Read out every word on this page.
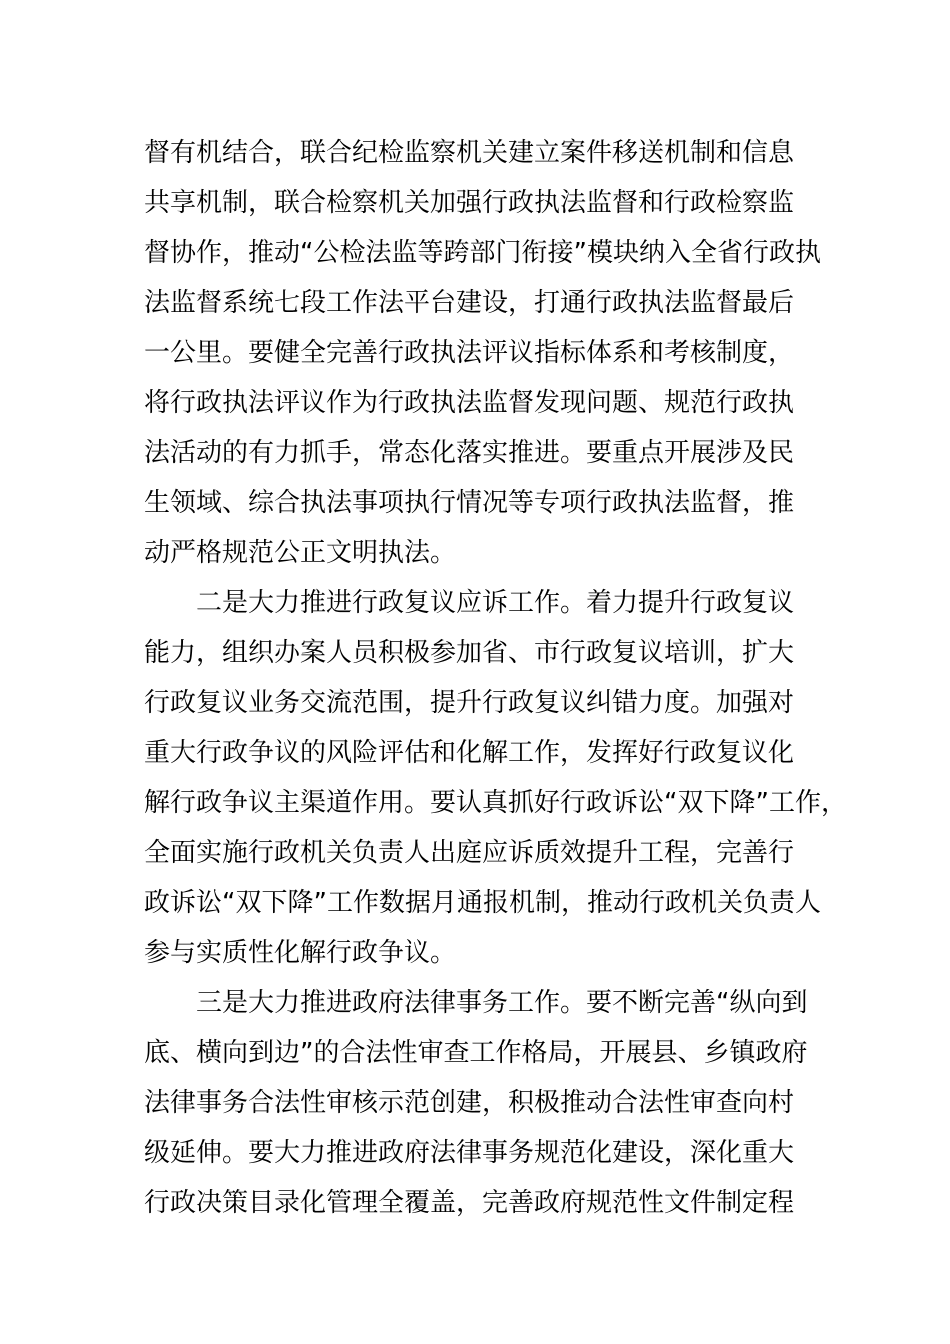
督有机结合，联合纪检监察机关建立案件移送机制和信息
共享机制，联合检察机关加强行政执法监督和行政检察监
督协作，推动“公检法监等跨部门衔接”模块纳入全省行政执
法监督系统七段工作法平台建设，打通行政执法监督最后
一公里。要健全完善行政执法评议指标体系和考核制度，
将行政执法评议作为行政执法监督发现问题、规范行政执
法活动的有力抓手，常态化落实推进。要重点开展涉及民
生领域、综合执法事项执行情况等专项行政执法监督，推
动严格规范公正文明执法。
二是大力推进行政复议应诉工作。着力提升行政复议
能力，组织办案人员积极参加省、市行政复议培训，扩大
行政复议业务交流范围，提升行政复议纠错力度。加强对
重大行政争议的风险评估和化解工作，发挥好行政复议化
解行政争议主渠道作用。要认真抓好行政诉讼“双下降”工作，
全面实施行政机关负责人出庭应诉质效提升工程，完善行
政诉讼“双下降”工作数据月通报机制，推动行政机关负责人
参与实质性化解行政争议。
三是大力推进政府法律事务工作。要不断完善“纵向到
底、横向到边”的合法性审查工作格局，开展县、乡镇政府
法律事务合法性审核示范创建，积极推动合法性审查向村
级延伸。要大力推进政府法律事务规范化建设，深化重大
行政决策目录化管理全覆盖，完善政府规范性文件制定程
